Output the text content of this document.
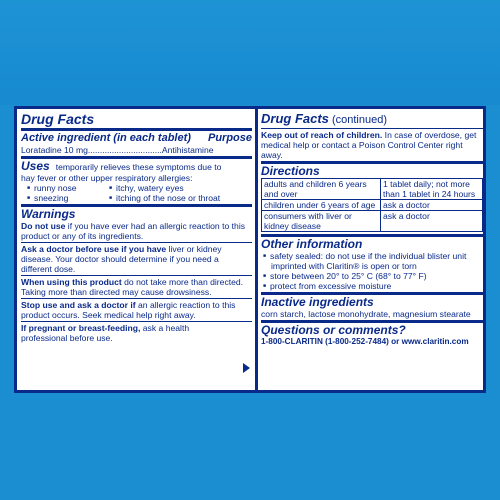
Drug Facts
Active ingredient (in each tablet) Purpose
Loratadine 10 mg...............................Antihistamine
Uses temporarily relieves these symptoms due to
hay fever or other upper respiratory allergies:
■ runny nose	■ itchy, watery eyes
■ sneezing	■ itching of the nose or throat
Warnings
Do not use if you have ever had an allergic reaction to this product or any of its ingredients.
Ask a doctor before use if you have liver or kidney disease. Your doctor should determine if you need a different dose.
When using this product do not take more than directed. Taking more than directed may cause drowsiness.
Stop use and ask a doctor if an allergic reaction to this product occurs. Seek medical help right away.
If pregnant or breast-feeding, ask a health professional before use.
Drug Facts (continued)
Keep out of reach of children. In case of overdose, get medical help or contact a Poison Control Center right away.
Directions
adults and children 6 years and over	1 tablet daily; not more than 1 tablet in 24 hours
children under 6 years of age	ask a doctor
consumers with liver or kidney disease	ask a doctor
Other information
■ safety sealed: do not use if the individual blister unit imprinted with Claritin® is open or torn
■ store between 20° to 25° C (68° to 77° F)
■ protect from excessive moisture
Inactive ingredients
corn starch, lactose monohydrate, magnesium stearate
Questions or comments?
1-800-CLARITIN (1-800-252-7484) or www.claritin.com
